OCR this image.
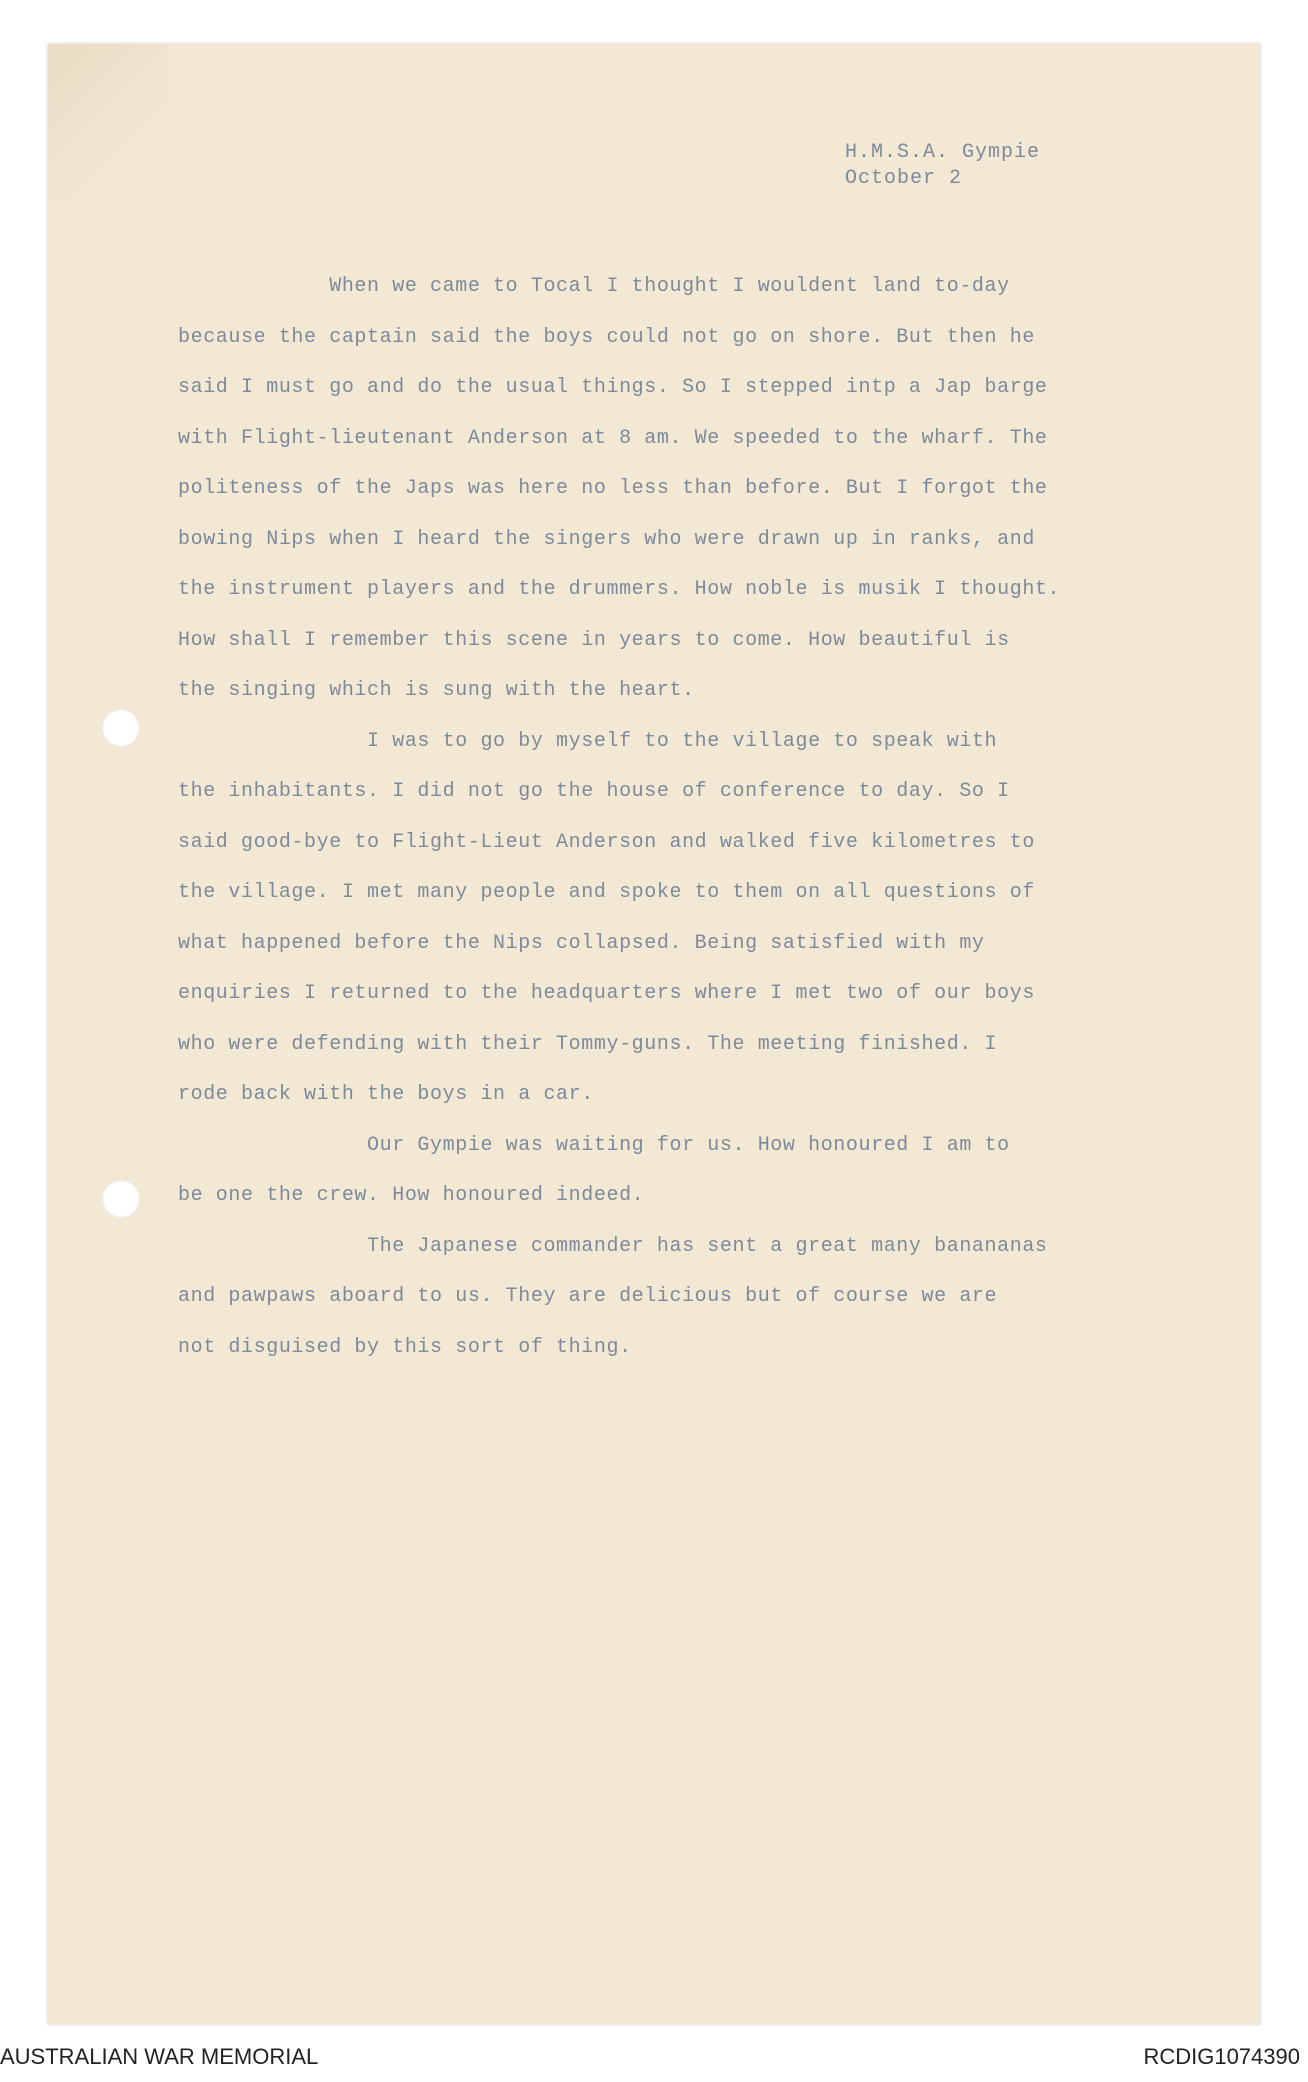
H.M.S.A. Gympie
October 2
When we came to Tocal I thought I wouldent land to-day
because the captain said the boys could not go on shore. But then he
said I must go and do the usual things. So I stepped intp a Jap barge
with Flight-lieutenant Anderson at 8 am. We speeded to the wharf. The
politeness of the Japs was here no less than before. But I forgot the
bowing Nips when I heard the singers who were drawn up in ranks, and
the instrument players and the drummers. How noble is musik I thought.
How shall I remember this scene in years to come. How beautiful is
the singing which is sung with the heart.
I was to go by myself to the village to speak with
the inhabitants. I did not go the house of conference to day. So I
said good-bye to Flight-Lieut Anderson and walked five kilometres to
the village. I met many people and spoke to them on all questions of
what happened before the Nips collapsed. Being satisfied with my
enquiries I returned to the headquarters where I met two of our boys
who were defending with their Tommy-guns. The meeting finished. I
rode back with the boys in a car.
Our Gympie was waiting for us. How honoured I am to
be one the crew. How honoured indeed.
The Japanese commander has sent a great many banananas
and pawpaws aboard to us. They are delicious but of course we are
not disguised by this sort of thing.
AUSTRALIAN WAR MEMORIAL	RCDIG1074390
